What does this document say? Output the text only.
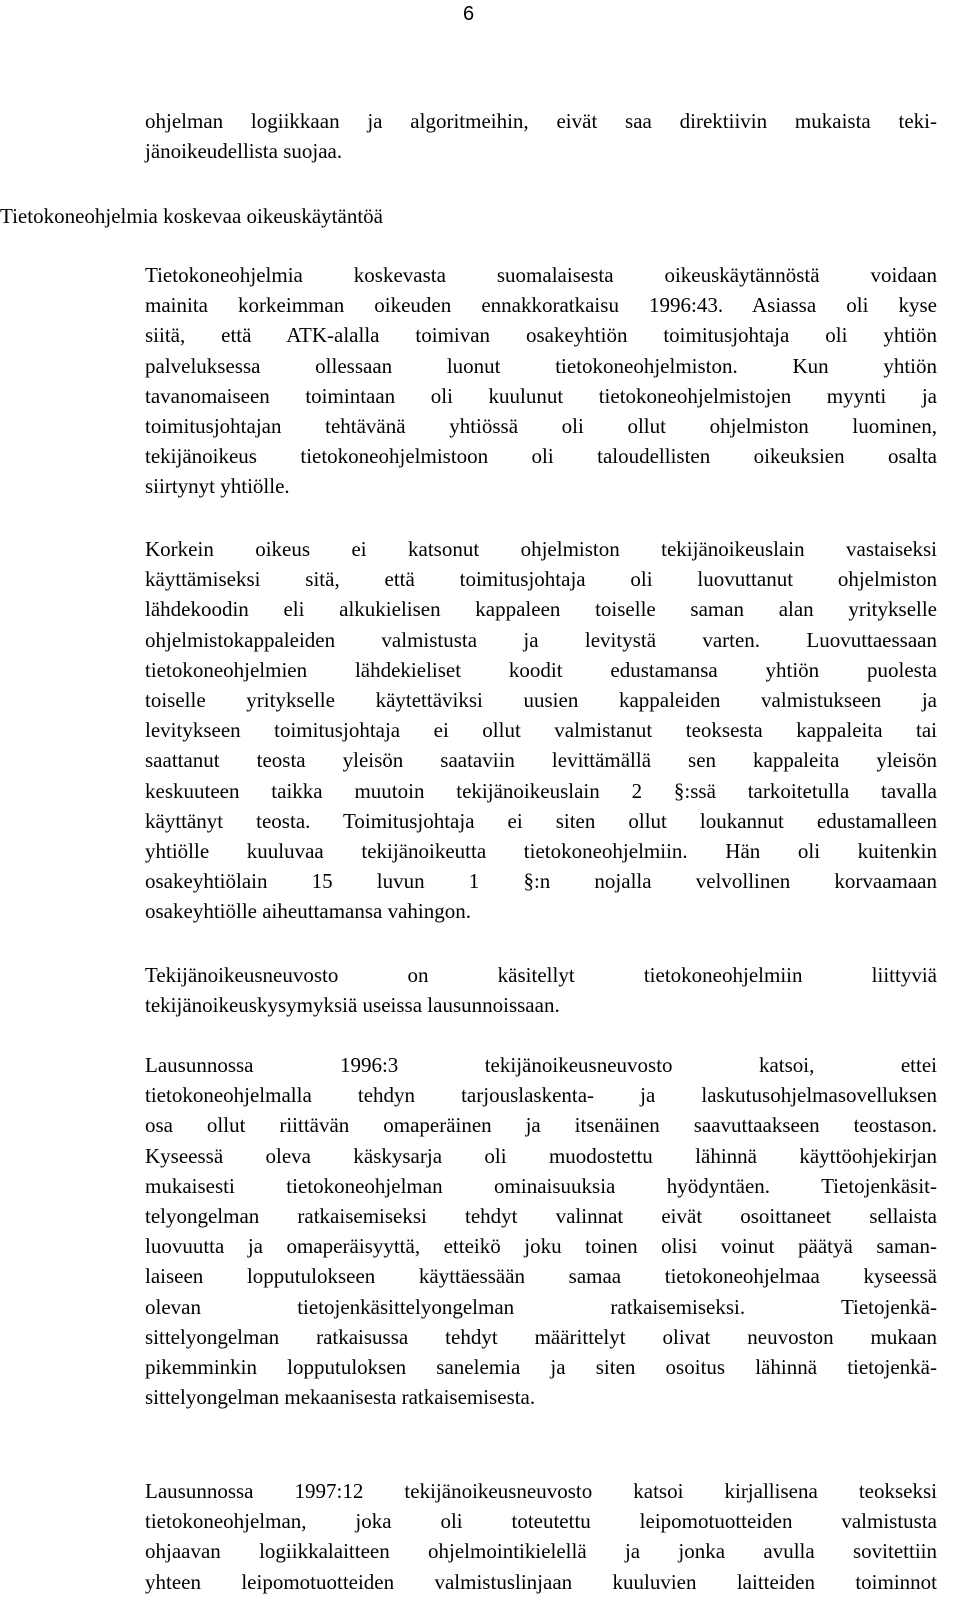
6

ohjelman logiikkaan ja algoritmeihin, eivät saa direktiivin mukaista teki-
jänoikeudellista suojaa.

Tietokoneohjelmia koskevaa oikeuskäytäntöä

Tietokoneohjelmia koskevasta suomalaisesta oikeuskäytännöstä voidaan
mainita korkeimman oikeuden ennakkoratkaisu 1996:43. Asiassa oli kyse
siitä, että ATK-alalla toimivan osakeyhtiön toimitusjohtaja oli yhtiön
palveluksessa ollessaan luonut tietokoneohjelmiston. Kun yhtiön
tavanomaiseen toimintaan oli kuulunut tietokoneohjelmistojen myynti ja
toimitusjohtajan tehtävänä yhtiössä oli ollut ohjelmiston luominen,
tekijänoikeus tietokoneohjelmistoon oli taloudellisten oikeuksien osalta
siirtynyt yhtiölle.

Korkein oikeus ei katsonut ohjelmiston tekijänoikeuslain vastaiseksi
käyttämiseksi sitä, että toimitusjohtaja oli luovuttanut ohjelmiston
lähdekoodin eli alkukielisen kappaleen toiselle saman alan yritykselle
ohjelmistokappaleiden valmistusta ja levitystä varten. Luovuttaessaan
tietokoneohjelmien lähdekieliset koodit edustamansa yhtiön puolesta
toiselle yritykselle käytettäviksi uusien kappaleiden valmistukseen ja
levitykseen toimitusjohtaja ei ollut valmistanut teoksesta kappaleita tai
saattanut teosta yleisön saataviin levittämällä sen kappaleita yleisön
keskuuteen taikka muutoin tekijänoikeuslain 2 §:ssä tarkoitetulla tavalla
käyttänyt teosta. Toimitusjohtaja ei siten ollut loukannut edustamalleen
yhtiölle kuuluvaa tekijänoikeutta tietokoneohjelmiin. Hän oli kuitenkin
osakeyhtiölain 15 luvun 1 §:n nojalla velvollinen korvaamaan
osakeyhtiölle aiheuttamansa vahingon.

Tekijänoikeusneuvosto on käsitellyt tietokoneohjelmiin liittyviä
tekijänoikeuskysymyksiä useissa lausunnoissaan.

Lausunnossa 1996:3 tekijänoikeusneuvosto katsoi, ettei
tietokoneohjelmalla tehdyn tarjouslaskenta- ja laskutusohjelmasovelluksen
osa ollut riittävän omaperäinen ja itsenäinen saavuttaakseen teostason.
Kyseessä oleva käskysarja oli muodostettu lähinnä käyttöohjekirjan
mukaisesti tietokoneohjelman ominaisuuksia hyödyntäen. Tietojenkäsit-
telyongelman ratkaisemiseksi tehdyt valinnat eivät osoittaneet sellaista
luovuutta ja omaperäisyyttä, etteikö joku toinen olisi voinut päätyä saman-
laiseen lopputulokseen käyttäessään samaa tietokoneohjelmaa kyseessä
olevan tietojenkäsittelyongelman ratkaisemiseksi. Tietojenkä-
sittelyongelman ratkaisussa tehdyt määrittelyt olivat neuvoston mukaan
pikemminkin lopputuloksen sanelemia ja siten osoitus lähinnä tietojenkä-
sittelyongelman mekaanisesta ratkaisemisesta.

Lausunnossa 1997:12 tekijänoikeusneuvosto katsoi kirjallisena teokseksi
tietokoneohjelman, joka oli toteutettu leipomotuotteiden valmistusta
ohjaavan logiikkalaitteen ohjelmointikielellä ja jonka avulla sovitettiin
yhteen leipomotuotteiden valmistuslinjaan kuuluvien laitteiden toiminnot
